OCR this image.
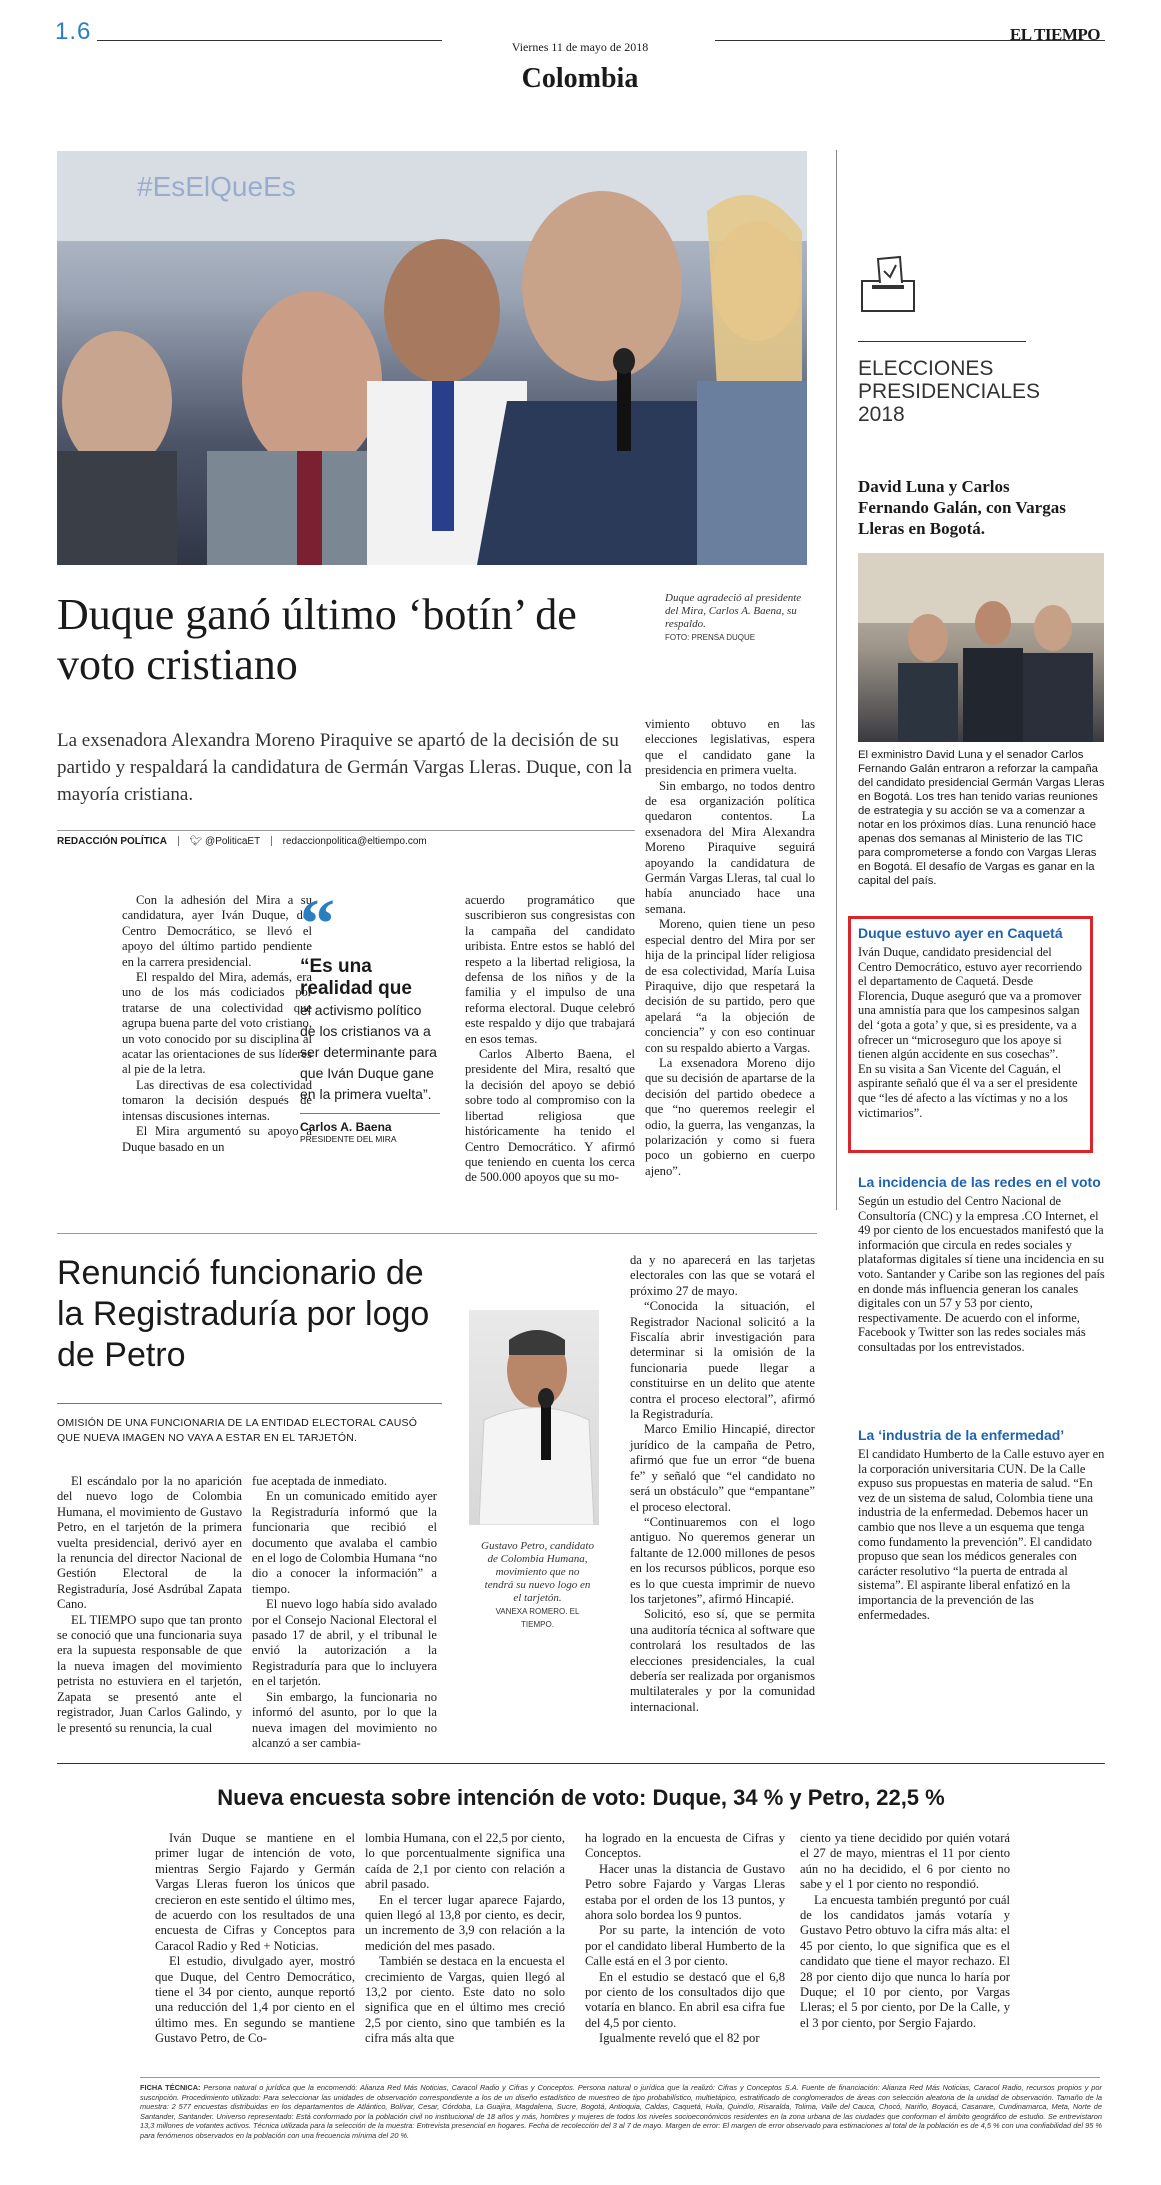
1.6
Viernes 11 de mayo de 2018
EL TIEMPO
Colombia
#EsElQueEs
Duque ganó último ‘botín’ de voto cristiano
Duque agradeció al presidente del Mira, Carlos A. Baena, su respaldo.
FOTO: PRENSA DUQUE
La exsenadora Alexandra Moreno Piraquive se apartó de la decisión de su partido y respaldará la candidatura de Germán Vargas Lleras. Duque, con la mayoría cristiana.
REDACCIÓN POLÍTICA 🐦︎ @PoliticaET redaccionpolitica@eltiempo.com

Con la adhesión del Mira a su candidatura, ayer Iván Duque, del Centro Democrático, se llevó el apoyo del último partido pendiente en la carrera presidencial.

El respaldo del Mira, además, era uno de los más codiciados por tratarse de una colectividad que agrupa buena parte del voto cristiano, un voto conocido por su disciplina al acatar las orientaciones de sus líderes al pie de la letra.

Las directivas de esa colectividad tomaron la decisión después de intensas discusiones internas.

El Mira argumentó su apoyo a Duque basado en un

“
“Es una realidad que
el activismo político de los cristianos va a ser determinante para que Iván Duque gane en la primera vuelta”.
Carlos A. Baena
PRESIDENTE DEL MIRA

acuerdo programático que suscribieron sus congresistas con la campaña del candidato uribista. Entre estos se habló del respeto a la libertad religiosa, la defensa de los niños y de la familia y el impulso de una reforma electoral. Duque celebró este respaldo y dijo que trabajará en esos temas.

Carlos Alberto Baena, el presidente del Mira, resaltó que la decisión del apoyo se debió sobre todo al compromiso con la libertad religiosa que históricamente ha tenido el Centro Democrático. Y afirmó que teniendo en cuenta los cerca de 500.000 apoyos que su mo-

vimiento obtuvo en las elecciones legislativas, espera que el candidato gane la presidencia en primera vuelta.

Sin embargo, no todos dentro de esa organización política quedaron contentos. La exsenadora del Mira Alexandra Moreno Piraquive seguirá apoyando la candidatura de Germán Vargas Lleras, tal cual lo había anunciado hace una semana.

Moreno, quien tiene un peso especial dentro del Mira por ser hija de la principal líder religiosa de esa colectividad, María Luisa Piraquive, dijo que respetará la decisión de su partido, pero que apelará “a la objeción de conciencia” y con eso continuar con su respaldo abierto a Vargas.

La exsenadora Moreno dijo que su decisión de apartarse de la decisión del partido obedece a que “no queremos reelegir el odio, la guerra, las venganzas, la polarización y como si fuera poco un gobierno en cuerpo ajeno”.

ELECCIONES PRESIDENCIALES 2018
David Luna y Carlos Fernando Galán, con Vargas Lleras en Bogotá.
El exministro David Luna y el senador Carlos Fernando Galán entraron a reforzar la campaña del candidato presidencial Germán Vargas Lleras en Bogotá. Los tres han tenido varias reuniones de estrategia y su acción se va a comenzar a notar en los próximos días. Luna renunció hace apenas dos semanas al Ministerio de las TIC para comprometerse a fondo con Vargas Lleras en Bogotá. El desafío de Vargas es ganar en la capital del país.
Duque estuvo ayer en Caquetá

Iván Duque, candidato presidencial del Centro Democrático, estuvo ayer recorriendo el departamento de Caquetá. Desde Florencia, Duque aseguró que va a promover una amnistía para que los campesinos salgan del ‘gota a gota’ y que, si es presidente, va a ofrecer un “microseguro que los apoye si tienen algún accidente en sus cosechas”.

En su visita a San Vicente del Caguán, el aspirante señaló que él va a ser el presidente que “les dé afecto a las víctimas y no a los victimarios”.

La incidencia de las redes en el voto

Según un estudio del Centro Nacional de Consultoría (CNC) y la empresa .CO Internet, el 49 por ciento de los encuestados manifestó que la información que circula en redes sociales y plataformas digitales sí tiene una incidencia en su voto. Santander y Caribe son las regiones del país en donde más influencia generan los canales digitales con un 57 y 53 por ciento, respectivamente. De acuerdo con el informe, Facebook y Twitter son las redes sociales más consultadas por los entrevistados.

La ‘industria de la enfermedad’

El candidato Humberto de la Calle estuvo ayer en la corporación universitaria CUN. De la Calle expuso sus propuestas en materia de salud. “En vez de un sistema de salud, Colombia tiene una industria de la enfermedad. Debemos hacer un cambio que nos lleve a un esquema que tenga como fundamento la prevención”. El candidato propuso que sean los médicos generales con carácter resolutivo “la puerta de entrada al sistema”. El aspirante liberal enfatizó en la importancia de la prevención de las enfermedades.

Renunció funcionario de la Registraduría por logo de Petro
OMISIÓN DE UNA FUNCIONARIA DE LA ENTIDAD ELECTORAL CAUSÓ QUE NUEVA IMAGEN NO VAYA A ESTAR EN EL TARJETÓN.

El escándalo por la no aparición del nuevo logo de Colombia Humana, el movimiento de Gustavo Petro, en el tarjetón de la primera vuelta presidencial, derivó ayer en la renuncia del director Nacional de Gestión Electoral de la Registraduría, José Asdrúbal Zapata Cano.

EL TIEMPO supo que tan pronto se conoció que una funcionaria suya era la supuesta responsable de que la nueva imagen del movimiento petrista no estuviera en el tarjetón, Zapata se presentó ante el registrador, Juan Carlos Galindo, y le presentó su renuncia, la cual

fue aceptada de inmediato.

En un comunicado emitido ayer la Registraduría informó que la funcionaria que recibió el documento que avalaba el cambio en el logo de Colombia Humana “no dio a conocer la información” a tiempo.

El nuevo logo había sido avalado por el Consejo Nacional Electoral el pasado 17 de abril, y el tribunal le envió la autorización a la Registraduría para que lo incluyera en el tarjetón.

Sin embargo, la funcionaria no informó del asunto, por lo que la nueva imagen del movimiento no alcanzó a ser cambia-

Gustavo Petro, candidato de Colombia Humana, movimiento que no tendrá su nuevo logo en el tarjetón.
VANEXA ROMERO. EL TIEMPO.

da y no aparecerá en las tarjetas electorales con las que se votará el próximo 27 de mayo.

“Conocida la situación, el Registrador Nacional solicitó a la Fiscalía abrir investigación para determinar si la omisión de la funcionaria puede llegar a constituirse en un delito que atente contra el proceso electoral”, afirmó la Registraduría.

Marco Emilio Hincapié, director jurídico de la campaña de Petro, afirmó que fue un error “de buena fe” y señaló que “el candidato no será un obstáculo” que “empantane” el proceso electoral.

“Continuaremos con el logo antiguo. No queremos generar un faltante de 12.000 millones de pesos en los recursos públicos, porque eso es lo que cuesta imprimir de nuevo los tarjetones”, afirmó Hincapié.

Solicitó, eso sí, que se permita una auditoría técnica al software que controlará los resultados de las elecciones presidenciales, la cual debería ser realizada por organismos multilaterales y por la comunidad internacional.

Nueva encuesta sobre intención de voto: Duque, 34 % y Petro, 22,5 %

Iván Duque se mantiene en el primer lugar de intención de voto, mientras Sergio Fajardo y Germán Vargas Lleras fueron los únicos que crecieron en este sentido el último mes, de acuerdo con los resultados de una encuesta de Cifras y Conceptos para Caracol Radio y Red + Noticias.

El estudio, divulgado ayer, mostró que Duque, del Centro Democrático, tiene el 34 por ciento, aunque reportó una reducción del 1,4 por ciento en el último mes. En segundo se mantiene Gustavo Petro, de Co-

lombia Humana, con el 22,5 por ciento, lo que porcentualmente significa una caída de 2,1 por ciento con relación a abril pasado.

En el tercer lugar aparece Fajardo, quien llegó al 13,8 por ciento, es decir, un incremento de 3,9 con relación a la medición del mes pasado.

También se destaca en la encuesta el crecimiento de Vargas, quien llegó al 13,2 por ciento. Este dato no solo significa que en el último mes creció 2,5 por ciento, sino que también es la cifra más alta que

ha logrado en la encuesta de Cifras y Conceptos.

Hacer unas la distancia de Gustavo Petro sobre Fajardo y Vargas Lleras estaba por el orden de los 13 puntos, y ahora solo bordea los 9 puntos.

Por su parte, la intención de voto por el candidato liberal Humberto de la Calle está en el 3 por ciento.

En el estudio se destacó que el 6,8 por ciento de los consultados dijo que votaría en blanco. En abril esa cifra fue del 4,5 por ciento.

Igualmente reveló que el 82 por

ciento ya tiene decidido por quién votará el 27 de mayo, mientras el 11 por ciento aún no ha decidido, el 6 por ciento no sabe y el 1 por ciento no respondió.

La encuesta también preguntó por cuál de los candidatos jamás votaría y Gustavo Petro obtuvo la cifra más alta: el 45 por ciento, lo que significa que es el candidato que tiene el mayor rechazo. El 28 por ciento dijo que nunca lo haría por Duque; el 10 por ciento, por Vargas Lleras; el 5 por ciento, por De la Calle, y el 3 por ciento, por Sergio Fajardo.

FICHA TÉCNICA: Persona natural o jurídica que la encomendó: Alianza Red Más Noticias, Caracol Radio y Cifras y Conceptos. Persona natural o jurídica que la realizó: Cifras y Conceptos S.A. Fuente de financiación: Alianza Red Más Noticias, Caracol Radio, recursos propios y por suscripción. Procedimiento utilizado: Para seleccionar las unidades de observación correspondiente a los de un diseño estadístico de muestreo de tipo probabilístico, multietápico, estratificado de conglomerados de áreas con selección aleatoria de la unidad de observación. Tamaño de la muestra: 2 577 encuestas distribuidas en los departamentos de Atlántico, Bolívar, Cesar, Córdoba, La Guajira, Magdalena, Sucre, Bogotá, Antioquia, Caldas, Caquetá, Huila, Quindío, Risaralda, Tolima, Valle del Cauca, Chocó, Nariño, Boyacá, Casanare, Cundinamarca, Meta, Norte de Santander, Santander. Universo representado: Está conformado por la población civil no institucional de 18 años y más, hombres y mujeres de todos los niveles socioeconómicos residentes en la zona urbana de las ciudades que conforman el ámbito geográfico de estudio. Se entrevistaron 13,3 millones de votantes activos. Técnica utilizada para la selección de la muestra: Entrevista presencial en hogares. Fecha de recolección del 3 al 7 de mayo. Margen de error: El margen de error observado para estimaciones al total de la población es de 4,5 % con una confiabilidad del 95 % para fenómenos observados en la población con una frecuencia mínima del 20 %.
